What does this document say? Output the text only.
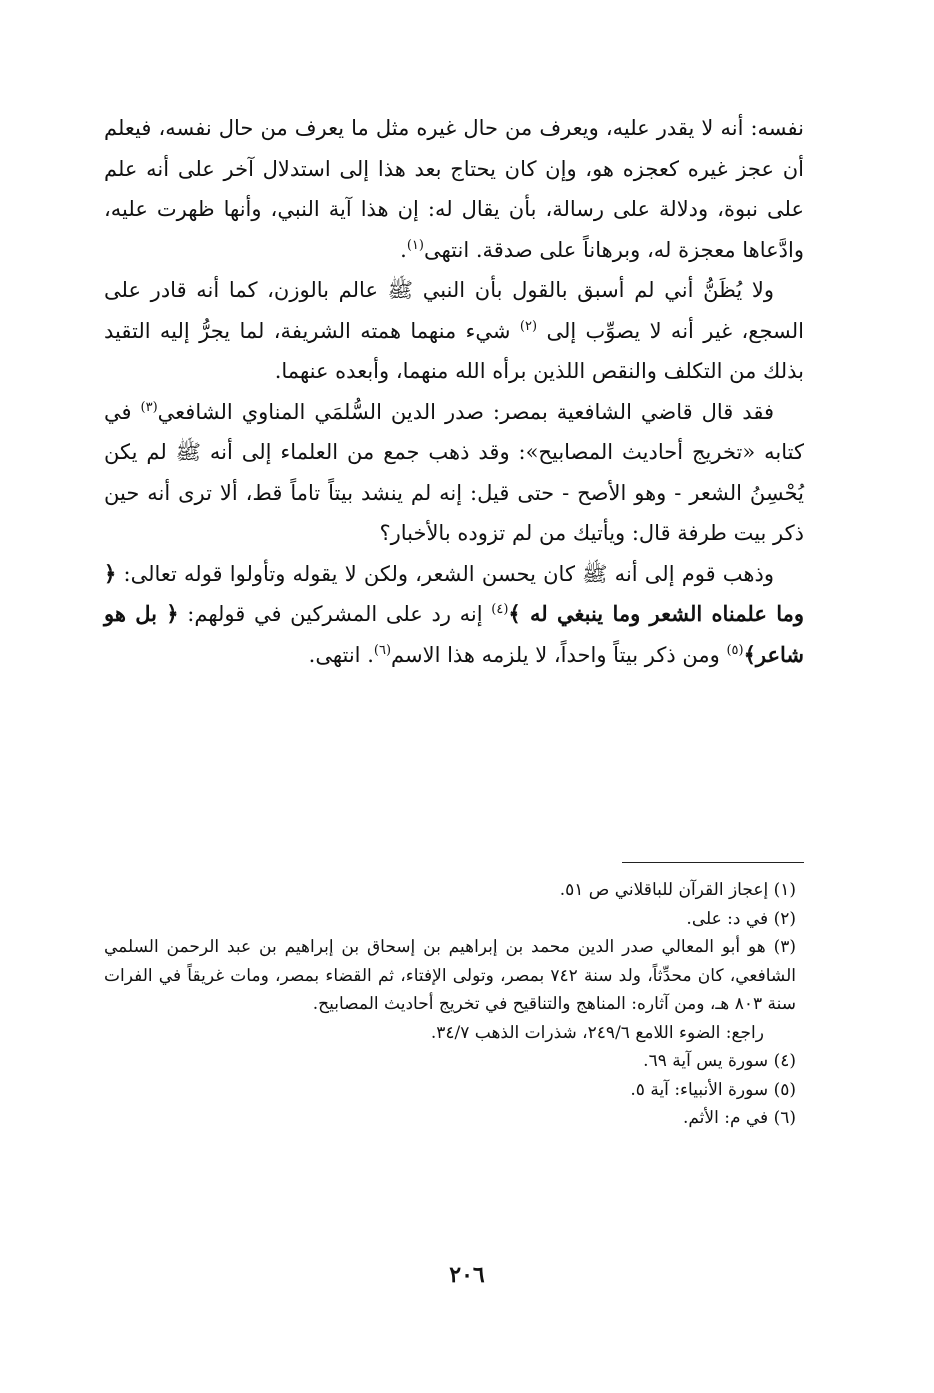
نفسه: أنه لا يقدر عليه، ويعرف من حال غيره مثل ما يعرف من حال نفسه، فيعلم أن عجز غيره كعجزه هو، وإن كان يحتاج بعد هذا إلى استدلال آخر على أنه علم على نبوة، ودلالة على رسالة، بأن يقال له: إن هذا آية النبي، وأنها ظهرت عليه، وادَّعاها معجزة له، وبرهاناً على صدقة. انتهى$^{(١)}$.

ولا يُظَنُّ أني لم أسبق بالقول بأن النبي ﷺ عالم بالوزن، كما أنه قادر على السجع، غير أنه لا يصوِّب إلى $^{(٢)}$ شيء منهما همته الشريفة، لما يجرُّ إليه التقيد بذلك من التكلف والنقص اللذين برأه الله منهما، وأبعده عنهما.

فقد قال قاضي الشافعية بمصر: صدر الدين السُّلمَي المناوي الشافعي$^{(٣)}$ في كتابه «تخريج أحاديث المصابيح»: وقد ذهب جمع من العلماء إلى أنه ﷺ لم يكن يُحْسِنُ الشعر - وهو الأصح - حتى قيل: إنه لم ينشد بيتاً تاماً قط، ألا ترى أنه حين ذكر بيت طرفة قال: ويأتيك من لم تزوده بالأخبار؟

وذهب قوم إلى أنه ﷺ كان يحسن الشعر، ولكن لا يقوله وتأولوا قوله تعالى: ﴿ وما علمناه الشعر وما ينبغي له ﴾$^{(٤)}$ إنه رد على المشركين في قولهم: ﴿ بل هو شاعر﴾$^{(٥)}$ ومن ذكر بيتاً واحداً، لا يلزمه هذا الاسم$^{(٦)}$. انتهى.

(١) إعجاز القرآن للباقلاني ص ٥١.

(٢) في د: على.

(٣) هو أبو المعالي صدر الدين محمد بن إبراهيم بن إسحاق بن إبراهيم بن عبد الرحمن السلمي الشافعي، كان محدِّثاً، ولد سنة ٧٤٢ بمصر، وتولى الإفتاء، ثم القضاء بمصر، ومات غريقاً في الفرات سنة ٨٠٣ هـ، ومن آثاره: المناهج والتناقيح في تخريج أحاديث المصابيح.

راجع: الضوء اللامع ٢٤٩/٦، شذرات الذهب ٣٤/٧.

(٤) سورة يس آية ٦٩.

(٥) سورة الأنبياء: آية ٥.

(٦) في م: الأثم.

٢٠٦
